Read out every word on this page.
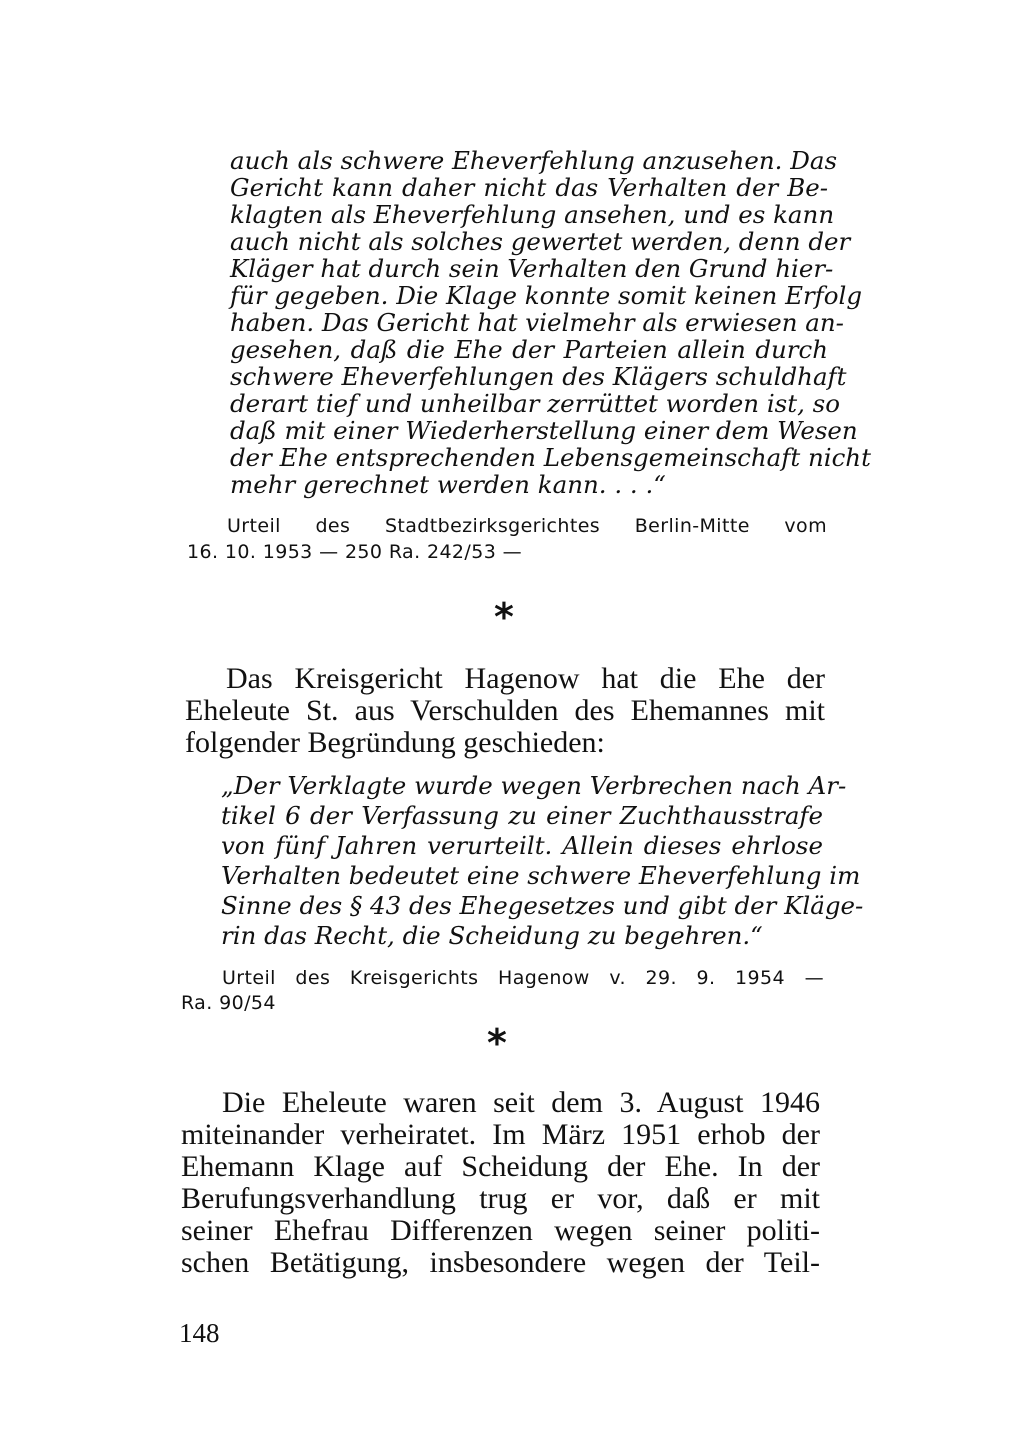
auch als schwere Eheverfehlung anzusehen. Das
Gericht kann daher nicht das Verhalten der Be-
klagten als Eheverfehlung ansehen, und es kann
auch nicht als solches gewertet werden, denn der
Kläger hat durch sein Verhalten den Grund hier-
für gegeben. Die Klage konnte somit keinen Erfolg
haben. Das Gericht hat vielmehr als erwiesen an-
gesehen, daß die Ehe der Parteien allein durch
schwere Eheverfehlungen des Klägers schuldhaft
derart tief und unheilbar zerrüttet worden ist, so
daß mit einer Wiederherstellung einer dem Wesen
der Ehe entsprechenden Lebensgemeinschaft nicht
mehr gerechnet werden kann. . . .“
Urteil des Stadtbezirksgerichtes Berlin-Mitte vom
16. 10. 1953 — 250 Ra. 242/53 —
*
Das Kreisgericht Hagenow hat die Ehe der
Eheleute St. aus Verschulden des Ehemannes mit
folgender Begründung geschieden:
„Der Verklagte wurde wegen Verbrechen nach Ar-
tikel 6 der Verfassung zu einer Zuchthausstrafe
von fünf Jahren verurteilt. Allein dieses ehrlose
Verhalten bedeutet eine schwere Eheverfehlung im
Sinne des § 43 des Ehegesetzes und gibt der Kläge-
rin das Recht, die Scheidung zu begehren.“
Urteil des Kreisgerichts Hagenow v. 29. 9. 1954 —
Ra. 90/54
*
Die Eheleute waren seit dem 3. August 1946
miteinander verheiratet. Im März 1951 erhob der
Ehemann Klage auf Scheidung der Ehe. In der
Berufungsverhandlung trug er vor, daß er mit
seiner Ehefrau Differenzen wegen seiner politi-
schen Betätigung, insbesondere wegen der Teil-
148
